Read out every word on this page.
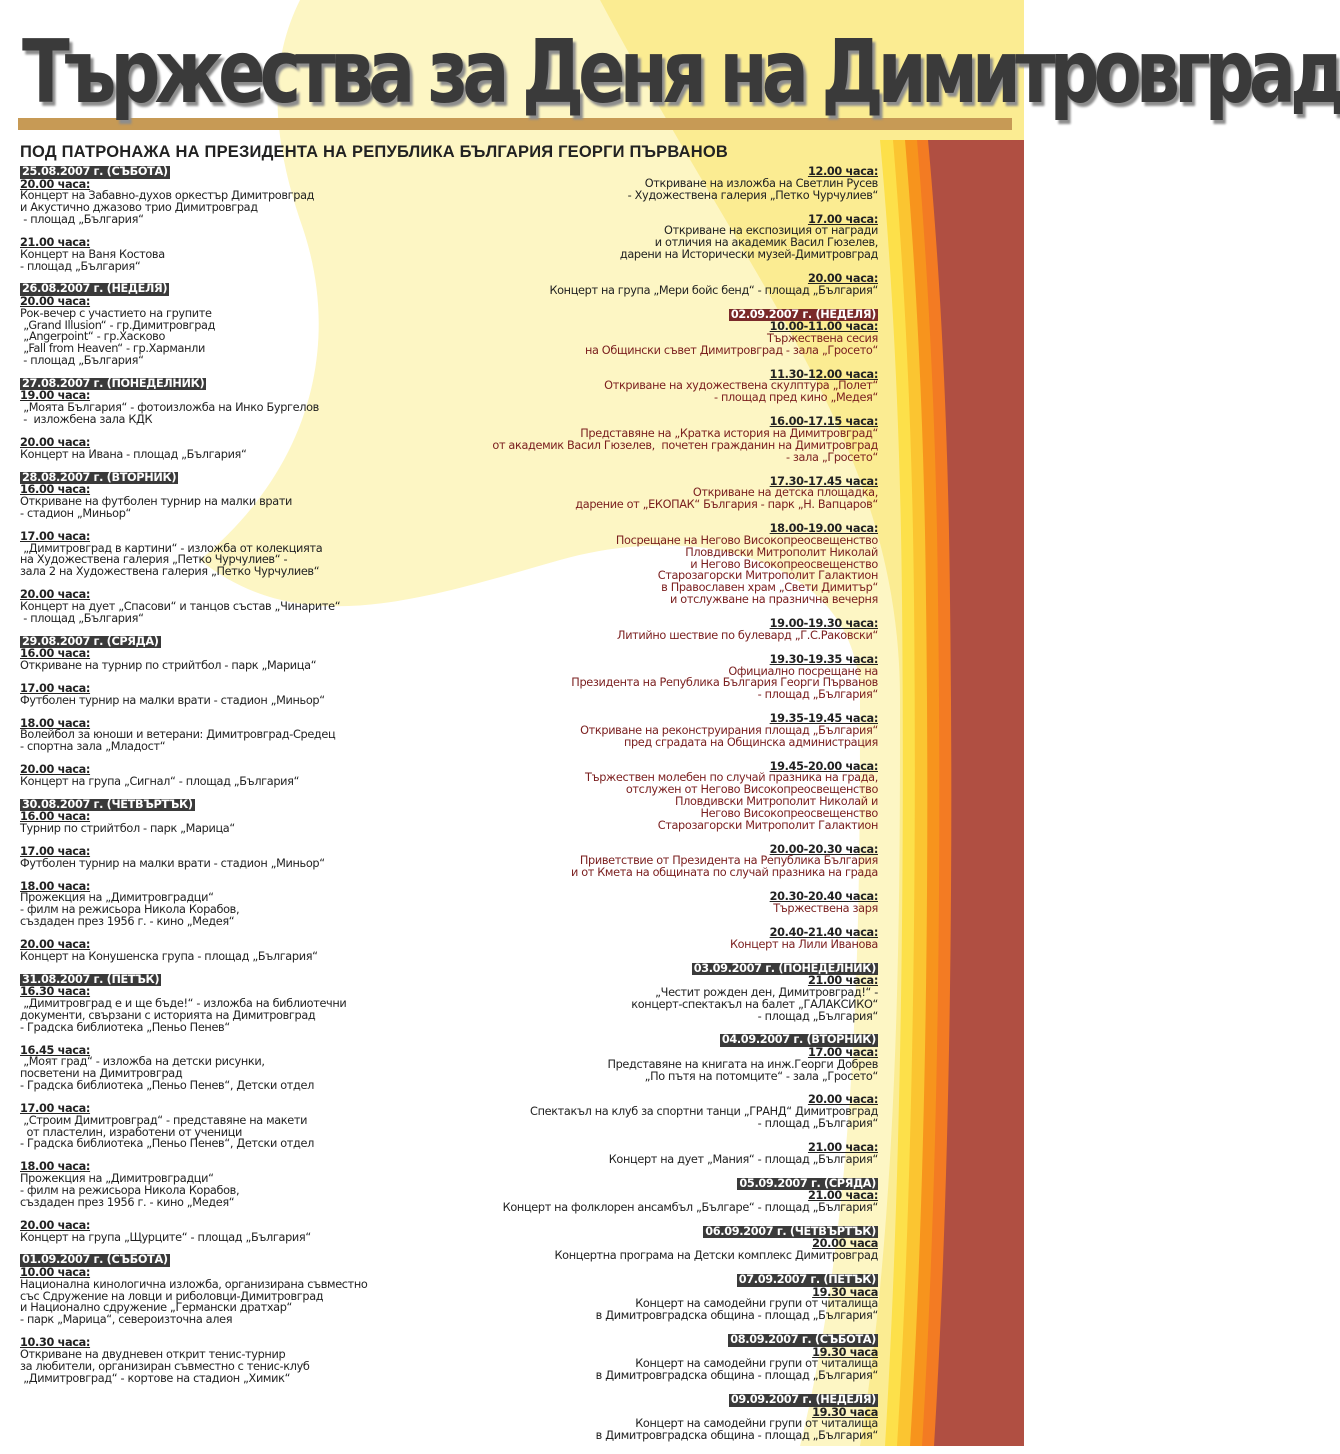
Тържества за Деня на Димитровград
ПОД ПАТРОНАЖА НА ПРЕЗИДЕНТА НА РЕПУБЛИКА БЪЛГАРИЯ ГЕОРГИ ПЪРВАНОВ
25.08.2007 г. (СЪБОТА)
20.00 часа:
Концерт на Забавно-духов оркестър Димитровград
и Акустично джазово трио Димитровград
- площад „България“
21.00 часа:
Концерт на Ваня Костова
- площад „България“
26.08.2007 г. (НЕДЕЛЯ)
20.00 часа:
Рок-вечер с участието на групите
„Grand Illusion“ - гр.Димитровград
„Angerpoint“ - гр.Хасково
„Fall from Heaven“ - гр.Харманли
- площад „България“
27.08.2007 г. (ПОНЕДЕЛНИК)
19.00 часа:
„Моята България“ - фотоизложба на Инко Бургелов
-  изложбена зала КДК
20.00 часа:
Концерт на Ивана - площад „България“
28.08.2007 г. (ВТОРНИК)
16.00 часа:
Откриване на футболен турнир на малки врати
- стадион „Миньор“
17.00 часа:
„Димитровград в картини“ - изложба от колекцията
на Художествена галерия „Петко Чурчулиев“ -
зала 2 на Художествена галерия „Петко Чурчулиев“
20.00 часа:
Концерт на дует „Спасови“ и танцов състав „Чинарите“
- площад „България“
29.08.2007 г. (СРЯДА)
16.00 часа:
Откриване на турнир по стрийтбол - парк „Марица“
17.00 часа:
Футболен турнир на малки врати - стадион „Миньор“
18.00 часа:
Волейбол за юноши и ветерани: Димитровград-Средец
- спортна зала „Младост“
20.00 часа:
Концерт на група „Сигнал“ - площад „България“
30.08.2007 г. (ЧЕТВЪРТЪК)
16.00 часа:
Турнир по стрийтбол - парк „Марица“
17.00 часа:
Футболен турнир на малки врати - стадион „Миньор“
18.00 часа:
Прожекция на „Димитровградци“
- филм на режисьора Никола Корабов,
създаден през 1956 г. - кино „Медея“
20.00 часа:
Концерт на Конушенска група - площад „България“
31.08.2007 г. (ПЕТЪК)
16.30 часа:
„Димитровград е и ще бъде!“ - изложба на библиотечни
документи, свързани с историята на Димитровград
- Градска библиотека „Пеньо Пенев“
16.45 часа:
„Моят град“ - изложба на детски рисунки,
посветени на Димитровград
- Градска библиотека „Пеньо Пенев“, Детски отдел
17.00 часа:
„Строим Димитровград“ - представяне на макети
от пластелин, изработени от ученици
- Градска библиотека „Пеньо Пенев“, Детски отдел
18.00 часа:
Прожекция на „Димитровградци“
- филм на режисьора Никола Корабов,
създаден през 1956 г. - кино „Медея“
20.00 часа:
Концерт на група „Щурците“ - площад „България“
01.09.2007 г. (СЪБОТА)
10.00 часа:
Национална кинологична изложба, организирана съвместно
със Сдружение на ловци и риболовци-Димитровград
и Национално сдружение „Германски дратхар“
- парк „Марица“, североизточна алея
10.30 часа:
Откриване на двудневен открит тенис-турнир
за любители, организиран съвместно с тенис-клуб
„Димитровград“ - кортове на стадион „Химик“
12.00 часа:
Откриване на изложба на Светлин Русев
- Художествена галерия „Петко Чурчулиев“
17.00 часа:
Откриване на експозиция от награди
и отличия на академик Васил Гюзелев,
дарени на Исторически музей-Димитровград
20.00 часа:
Концерт на група „Мери бойс бенд“ - площад „България“
02.09.2007 г. (НЕДЕЛЯ)
10.00-11.00 часа:
Тържествена сесия
на Общински съвет Димитровград - зала „Гросето“
11.30-12.00 часа:
Откриване на художествена скулптура „Полет“
- площад пред кино „Медея“
16.00-17.15 часа:
Представяне на „Кратка история на Димитровград“
от академик Васил Гюзелев,  почетен гражданин на Димитровград
- зала „Гросето“
17.30-17.45 часа:
Откриване на детска площадка,
дарение от „ЕКОПАК“ България - парк „Н. Вапцаров“
18.00-19.00 часа:
Посрещане на Негово Високопреосвещенство
Пловдивски Митрополит Николай
и Негово Високопреосвещенство
Старозагорски Митрополит Галактион
в Православен храм „Свети Димитър“
и отслужване на празнична вечерня
19.00-19.30 часа:
Литийно шествие по булевард „Г.С.Раковски“
19.30-19.35 часа:
Официално посрещане на
Президента на Република България Георги Първанов
- площад „България“
19.35-19.45 часа:
Откриване на реконструирания площад „България“
пред сградата на Общинска администрация
19.45-20.00 часа:
Тържествен молебен по случай празника на града,
отслужен от Негово Високопреосвещенство
Пловдивски Митрополит Николай и
Негово Високопреосвещенство
Старозагорски Митрополит Галактион
20.00-20.30 часа:
Приветствие от Президента на Република България
и от Кмета на общината по случай празника на града
20.30-20.40 часа:
Тържествена заря
20.40-21.40 часа:
Концерт на Лили Иванова
03.09.2007 г. (ПОНЕДЕЛНИК)
21.00 часа:
„Честит рожден ден, Димитровград!“ -
концерт-спектакъл на балет „ГАЛАКСИКО“
- площад „България“
04.09.2007 г. (ВТОРНИК)
17.00 часа:
Представяне на книгата на инж.Георги Добрев
„По пътя на потомците“ - зала „Гросето“
20.00 часа:
Спектакъл на клуб за спортни танци „ГРАНД“ Димитровград
- площад „България“
21.00 часа:
Концерт на дует „Мания“ - площад „България“
05.09.2007 г. (СРЯДА)
21.00 часа:
Концерт на фолклорен ансамбъл „Българе“ - площад „България“
06.09.2007 г. (ЧЕТВЪРТЪК)
20.00 часа
Концертна програма на Детски комплекс Димитровград
07.09.2007 г. (ПЕТЪК)
19.30 часа
Концерт на самодейни групи от читалища
в Димитровградска община - площад „България“
08.09.2007 г. (СЪБОТА)
19.30 часа
Концерт на самодейни групи от читалища
в Димитровградска община - площад „България“
09.09.2007 г. (НЕДЕЛЯ)
19.30 часа
Концерт на самодейни групи от читалища
в Димитровградска община - площад „България“
